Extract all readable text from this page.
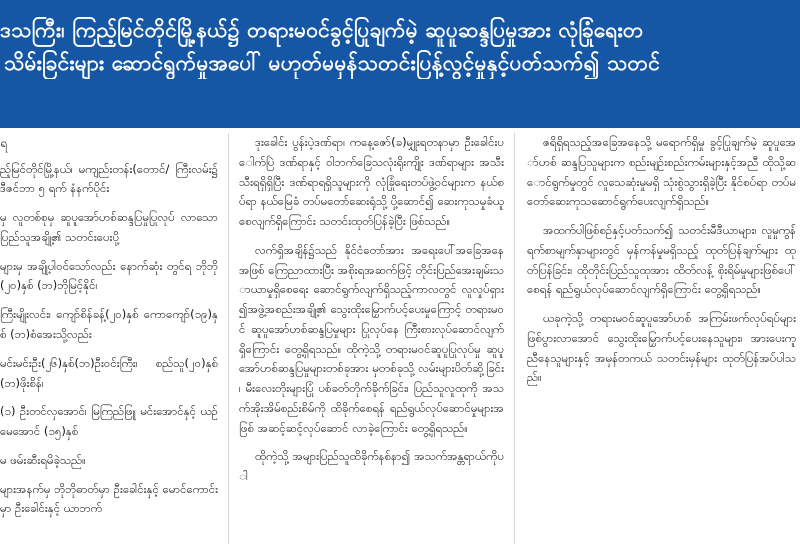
ဒသကြီး၊ ကြည့်မြင်တိုင်မြို့နယ်၌ တရားမဝင်ခွင့်ပြုချက်မဲ့ ဆူပူဆန္ဒပြမှုအား လုံခြုံရေးတ
သိမ်းခြင်းများ ဆောင်ရွက်မှုအပေါ် မဟုတ်မမှန်သတင်းပြန့်လွင့်မှုနှင့်ပတ်သက်၍ သတင်
ရ

ည့်မြင်တိုင်မြို့နယ်၊ မကျည်းတန်း(တောင်/ ကြီးလမ်း၌ ဒီဇင်ဘာ ၅ ရက် နံနက်ပိုင်း

မှ လူတစ်စုမှ ဆူပူအော်ဟစ်ဆန္ဒပြမှုပြုလုပ် လာသော ပြည်သူအချို့၏ သတင်းပေးပို့

များမှ အချို့ပါဝင်သော်လည်း နောက်ဆုံး တွင်ရ ဘိုဘို(၂၀)နှစ် (ဘ)ဘိုမြင့်နိုင်၊

ကြီးမျိုးလင်း၊ ကျော်စိန်ခန့်(၂၀)နှစ် ကောကျော်(၁၉)နှစ် (ဘ)စံအေးသို့လည်း

မင်းမင်းဦး(၂၆)နှစ်(ဘ)ဦးဝင်းကြီး၊ စည်သူ(၂၀)နှစ်(ဘ)ဖိုးစိန်၊

(၁) ဦးတင်လှအောင်၊ မြကြည်ဖြူ မင်းအောင်နှင့် ယဉ်မေအောင် (၁၅)နှစ်

မ ဖမ်းဆီးရမိခဲ့သည်။

များအနက်မှ ဘိုဘိုဓာတ်မှာ ဦးခေါင်းနှင့် မောင်ကောင်းမှာ ဦးခေါင်းနှင့် ယာဘက်

ဒုးခေါင်း ပွန်းပဲ့ဒဏ်ရာ၊ ကနေ့ဇော်(ခ)မျှုးရတနာမှာ ဦးခေါင်းပေါက်ပြဲ ဒဏ်ရာနှင့် ၀ါဘက်ခြေသလုံးရိုးကျိုး ဒဏ်ရာများ အသီးသီးရရှိရှိပြီး ဒဏ်ရာရရှိသူများကို လုံခြုံရေးတပ်ဖွဲ့ဝင်များက နယ်စပ်ရာ နယ်မြေခံ တပ်မတော်ဆေးရုံသို့ ပို့ဆောင်၍ ဆေးကုသမှုခံယူစေလျက်ရှိကြောင်း သတင်းထုတ်ပြန်ခဲ့ပြီး ဖြစ်သည်။

လက်ရှိအချိန်၌သည် နိုင်ငံတော်အား အရေးပေါ်အခြေအနေအဖြစ် ကြေညာထားပြီး အစိုးရအဆက်ဖြင့် တိုင်းပြည်အေးချမ်းသာယာမှုရှိစေရေး ဆောင်ရွက်လျက်ရှိသည့်ကာလတွင် လူလှုပ်ရှား၍အဖွဲ့အစည်းအချို့၏ သွေးထိုးမြှောက်ပင့်ပေးမှုကြောင့် တရားမဝင် ဆူပူအော်ဟစ်ဆန္ဒပြမှုများ ပြုလုပ်နေ ကြီးစားလုပ်ဆောင်လျက်ရှိကြောင်း တွေ့ရှိရသည်။ ထိုကဲ့သို့ တရားမဝင်ဆူပူပြုလုပ်မှု ဆူပူအော်ဟစ်ဆန္ဒပြမှုများတစ်ခုအား မှတစ်ခုသို့ လမ်းများပိတ်ဆို့ခြင်း၊ မီးလေးတိုးများပြုံ ပစ်ခတ်တိုက်ခိုက်ခြင်း၊ ပြည်သူလူထုကို အသက်အိုးအိမ်စည်းစိမ်ကို ထိခိုက်စေရန် ရည်ရွယ်လုပ်ဆောင်မှုများအဖြစ် အဆင့်ဆင့်လုပ်ဆောင် လာခဲ့ကြောင်း တွေ့ရှိရသည်။

ထိုကဲ့သို့ အများပြည်သူထိခိုက်နစ်နာ၍ အသက်အန္တရာယ်ကိုပါ

ဇရိရှိရသည့်အခြေအနေသို့ မရောက်ရှိမှု ခွင့်ပြုချက်မဲ့ ဆူပူအော်ဟစ် ဆန္ဒပြသူများက စည်းမျဉ်းစည်းကမ်းများနှင့်အညီ ထိုသို့ဆောင်ရွက်မှုတွင် လူသေဆုံးမှုမရှိ သုံးစွဲသွားရှိခဲ့ပြီး နိုင်စပ်ရာ တပ်မတော်ဆေးကုသဆောင်ရွက်ပေးလျက်ရှိသည်။

အထက်ပါဖြစ်စဉ်နှင့်ပတ်သက်၍ သတင်းမီဒီယာများ၊ လူမှုကွန်ရက်စာမျက်နှာများတွင် မှန်ကန်မှုမရှိသည့် ထုတ်ပြန်ချက်များ ထုတ်ပြန်ခြင်း၊ ထိုတိုင်းပြည်သူထုအား ထိတ်လန့် စိုးရိမ်မှုများဖြစ်ပေါ်စေရန် ရည်ရွယ်လုပ်ဆောင်လျက်ရှိကြောင်း တွေ့ရှိရသည်။

ယခုကဲ့သို့ တရားမဝင်ဆူပူအော်ဟစ် အကြမ်းဖက်လုပ်ရပ်များ ဖြစ်ပွားလာအောင် သွေးထိုးမြှောက်ပင့်ပေးနေသူများ၊ အားပေးကူညီနေသူများနှင့် အမှန်တကယ် သတင်းမှန်များ ထုတ်ပြန်အပ်ပါသည်။
